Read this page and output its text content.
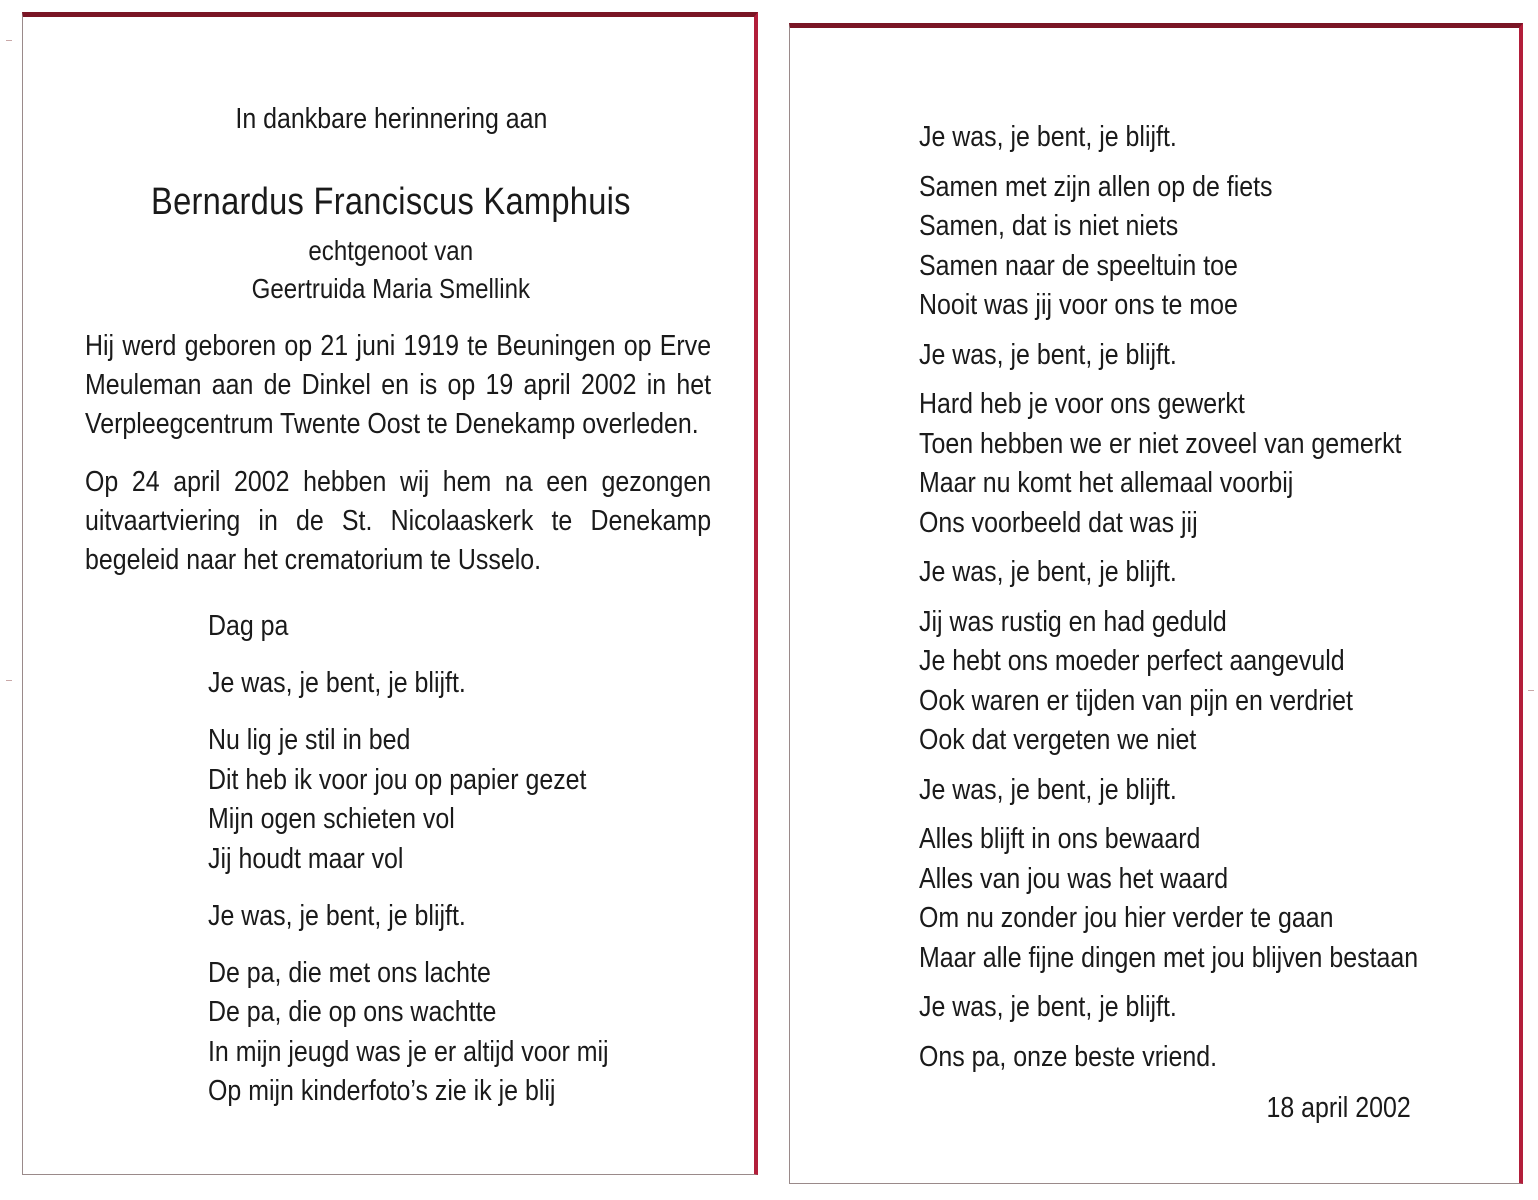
In dankbare herinnering aan
Bernardus Franciscus Kamphuis
echtgenoot van
Geertruida Maria Smellink

Hij werd geboren op 21 juni 1919 te Beuningen op Erve Meuleman aan de Dinkel en is op 19 april 2002 in het Verpleegcentrum Twente Oost te Denekamp overleden.

Op 24 april 2002 hebben wij hem na een gezongen uitvaartviering in de St. Nicolaaskerk te Denekamp begeleid naar het crematorium te Usselo.

Dag pa
Je was, je bent, je blijft.
Nu lig je stil in bed
Dit heb ik voor jou op papier gezet
Mijn ogen schieten vol
Jij houdt maar vol
Je was, je bent, je blijft.
De pa, die met ons lachte
De pa, die op ons wachtte
In mijn jeugd was je er altijd voor mij
Op mijn kinderfoto’s zie ik je blij
Je was, je bent, je blijft.
Samen met zijn allen op de fiets
Samen, dat is niet niets
Samen naar de speeltuin toe
Nooit was jij voor ons te moe
Je was, je bent, je blijft.
Hard heb je voor ons gewerkt
Toen hebben we er niet zoveel van gemerkt
Maar nu komt het allemaal voorbij
Ons voorbeeld dat was jij
Je was, je bent, je blijft.
Jij was rustig en had geduld
Je hebt ons moeder perfect aangevuld
Ook waren er tijden van pijn en verdriet
Ook dat vergeten we niet
Je was, je bent, je blijft.
Alles blijft in ons bewaard
Alles van jou was het waard
Om nu zonder jou hier verder te gaan
Maar alle fijne dingen met jou blijven bestaan
Je was, je bent, je blijft.
Ons pa, onze beste vriend.
18 april 2002
